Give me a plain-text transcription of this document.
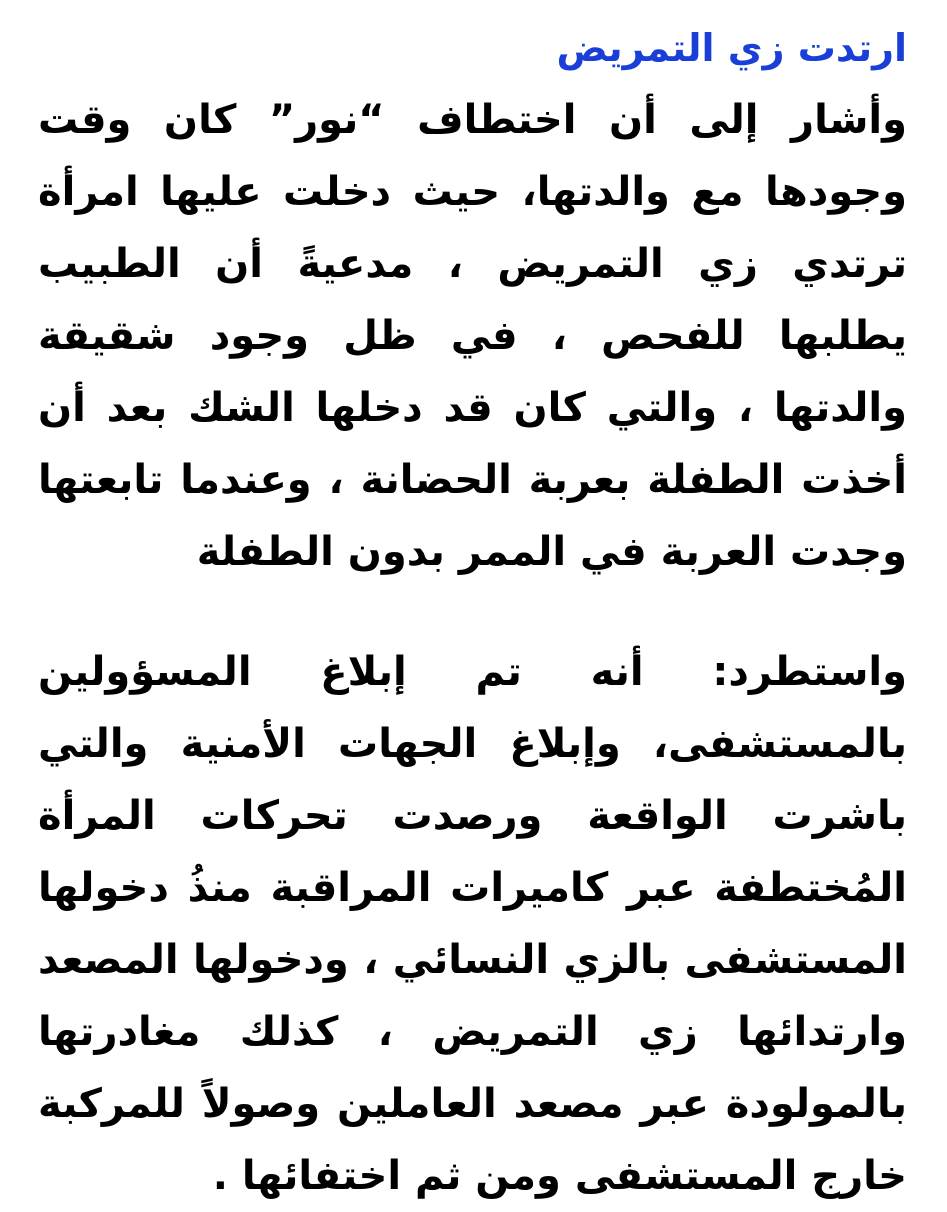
ارتدت زي التمريض

وأشار إلى أن اختطاف “نور” كان وقت وجودها مع والدتها، حيث دخلت عليها امرأة ترتدي زي التمريض ، مدعيةً أن الطبيب يطلبها للفحص ، في ظل وجود شقيقة والدتها ، والتي كان قد دخلها الشك بعد أن أخذت الطفلة بعربة الحضانة ، وعندما تابعتها وجدت العربة في الممر بدون الطفلة

واستطرد: أنه تم إبلاغ المسؤولين بالمستشفى، وإبلاغ الجهات الأمنية والتي باشرت الواقعة ورصدت تحركات المرأة المُختطفة عبر كاميرات المراقبة منذُ دخولها المستشفى بالزي النسائي ، ودخولها المصعد وارتدائها زي التمريض ، كذلك مغادرتها بالمولودة عبر مصعد العاملين وصولاً للمركبة خارج المستشفى ومن ثم اختفائها .
